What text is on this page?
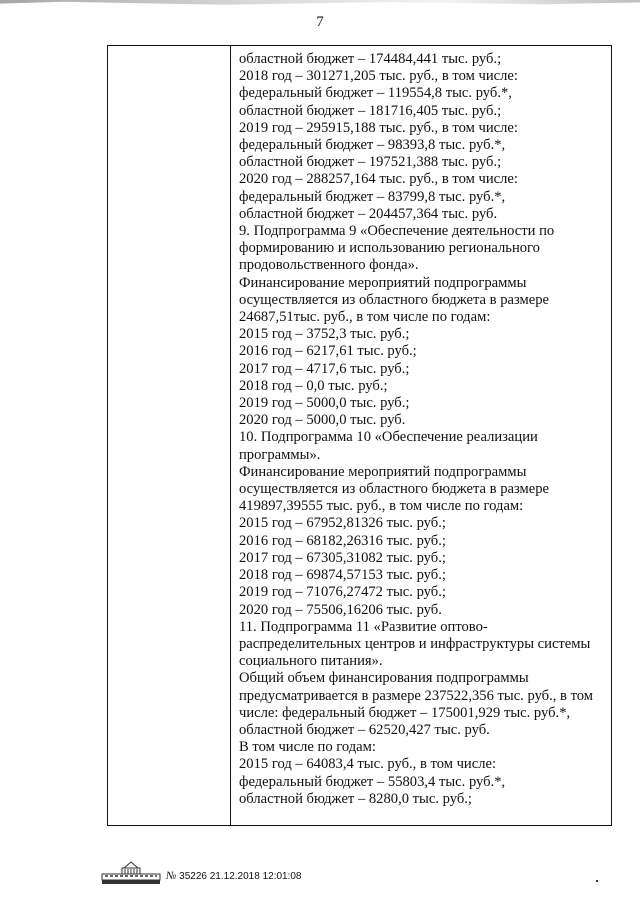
7
областной бюджет – 174484,441 тыс. руб.;
2018 год – 301271,205 тыс. руб., в том числе:
федеральный бюджет – 119554,8 тыс. руб.*,
областной бюджет – 181716,405 тыс. руб.;
2019 год – 295915,188 тыс. руб., в том числе:
федеральный бюджет – 98393,8 тыс. руб.*,
областной бюджет – 197521,388 тыс. руб.;
2020 год – 288257,164 тыс. руб., в том числе:
федеральный бюджет – 83799,8 тыс. руб.*,
областной бюджет – 204457,364 тыс. руб.
9. Подпрограмма 9 «Обеспечение деятельности по
формированию и использованию регионального
продовольственного фонда».
Финансирование мероприятий подпрограммы
осуществляется из областного бюджета в размере
24687,51тыс. руб., в том числе по годам:
2015 год – 3752,3 тыс. руб.;
2016 год – 6217,61 тыс. руб.;
2017 год – 4717,6 тыс. руб.;
2018 год – 0,0 тыс. руб.;
2019 год – 5000,0 тыс. руб.;
2020 год – 5000,0 тыс. руб.
10. Подпрограмма 10 «Обеспечение реализации
программы».
Финансирование мероприятий подпрограммы
осуществляется из областного бюджета в размере
419897,39555 тыс. руб., в том числе по годам:
2015 год – 67952,81326 тыс. руб.;
2016 год – 68182,26316 тыс. руб.;
2017 год – 67305,31082 тыс. руб.;
2018 год – 69874,57153 тыс. руб.;
2019 год – 71076,27472 тыс. руб.;
2020 год – 75506,16206 тыс. руб.
11. Подпрограмма 11 «Развитие оптово-
распределительных центров и инфраструктуры системы
социального питания».
Общий объем финансирования подпрограммы
предусматривается в размере 237522,356 тыс. руб., в том
числе: федеральный бюджет – 175001,929 тыс. руб.*,
областной бюджет – 62520,427 тыс. руб.
В том числе по годам:
2015 год – 64083,4 тыс. руб., в том числе:
федеральный бюджет – 55803,4 тыс. руб.*,
областной бюджет – 8280,0 тыс. руб.;
№ 35226 21.12.2018 12:01:08
